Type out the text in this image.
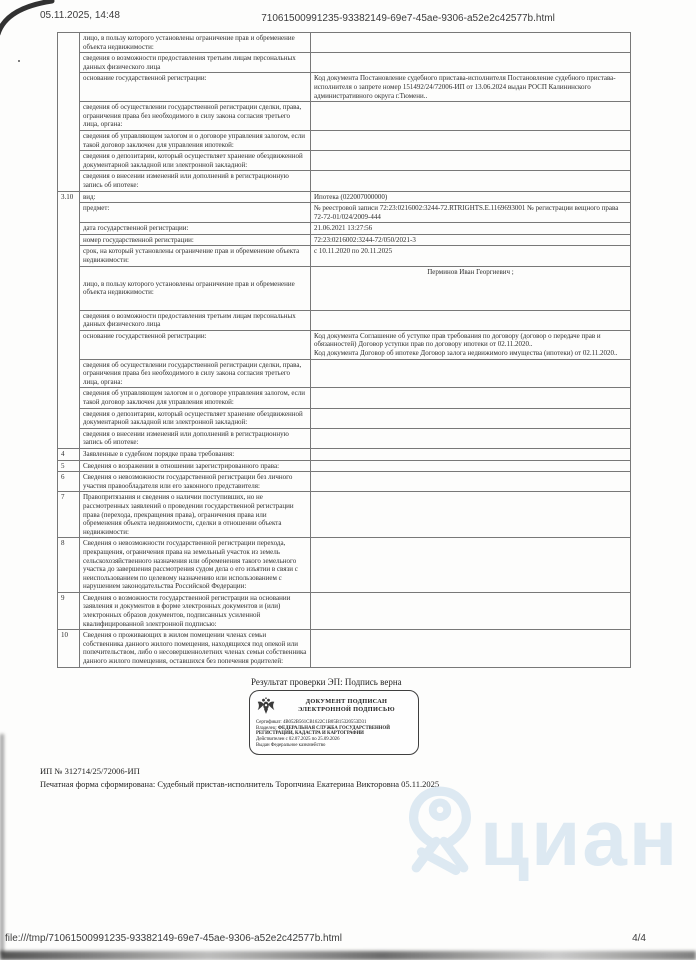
05.11.2025, 14:48	71061500991235-93382149-69e7-45ae-9306-a52e2c42577b.html
	лицо, в пользу которого установлены ограничение прав и обременение объекта недвижимости:	

	сведения о возможности предоставления третьим лицам персональных данных физического лица	

	основание государственной регистрации:	Код документа Постановление судебного пристава-исполнителя Постановление судебного пристава-исполнителя о запрете номер 151492/24/72006-ИП от 13.06.2024 выдан РОСП Калининского административного округа г.Тюмени..

	сведения об осуществлении государственной регистрации сделки, права, ограничения права без необходимого в силу закона согласия третьего лица, органа:	

	сведения об управляющем залогом и о договоре управления залогом, если такой договор заключен для управления ипотекой:	

	сведения о депозитарии, который осуществляет хранение обездвиженной документарной закладной или электронной закладной:	

	сведения о внесении изменений или дополнений в регистрационную запись об ипотеке:	

3.10	вид:	Ипотека (022007000000)

	предмет:	№ реестровой записи 72:23:0216002:3244-72.RTRIGHTS.E.1169693001 № регистрации вещного права 72-72-01/024/2009-444

	дата государственной регистрации:	21.06.2021 13:27:56

	номер государственной регистрации:	72:23:0216002:3244-72/050/2021-3

	срок, на который установлены ограничение прав и обременение объекта недвижимости:	с 10.11.2020 по 20.11.2025

	лицо, в пользу которого установлены ограничение прав и обременение объекта недвижимости:	Перминов Иван Георгиевич ;

	сведения о возможности предоставления третьим лицам персональных данных физического лица	

	основание государственной регистрации:	Код документа Соглашение об уступке прав требования по договору (договор о передаче прав и обязанностей) Договор уступки прав по договору ипотеки от 02.11.2020..
Код документа Договор об ипотеке Договор залога недвижимого имущества (ипотеки) от 02.11.2020..

	сведения об осуществлении государственной регистрации сделки, права, ограничения права без необходимого в силу закона согласия третьего лица, органа:	

	сведения об управляющем залогом и о договоре управления залогом, если такой договор заключен для управления ипотекой:	

	сведения о депозитарии, который осуществляет хранение обездвиженной документарной закладной или электронной закладной:	

	сведения о внесении изменений или дополнений в регистрационную запись об ипотеке:	

4	Заявленные в судебном порядке права требования:	

5	Сведения о возражении в отношении зарегистрированного права:	

6	Сведения о невозможности государственной регистрации без личного участия правообладателя или его законного представителя:	

7	Правопритязания и сведения о наличии поступивших, но не рассмотренных заявлений о проведении государственной регистрации права (перехода, прекращения права), ограничения права или обременения объекта недвижимости, сделки в отношении объекта недвижимости:	

8	Сведения о невозможности государственной регистрации перехода, прекращения, ограничения права на земельный участок из земель сельскохозяйственного назначения или обременения такого земельного участка до завершения рассмотрения судом дела о его изъятии в связи с неиспользованием по целевому назначению или использованием с нарушением законодательства Российской Федерации:	

9	Сведения о возможности государственной регистрации на основании заявления и документов в форме электронных документов и (или) электронных образов документов, подписанных усиленной квалифицированной электронной подписью:	

10	Сведения о проживающих в жилом помещении членах семьи собственника данного жилого помещения, находящихся под опекой или попечительством, либо о несовершеннолетних членах семьи собственника данного жилого помещения, оставшихся без попечения родителей:	
Результат проверки ЭП: Подпись верна
ДОКУМЕНТ ПОДПИСАН
ЭЛЕКТРОННОЙ ПОДПИСЬЮ
Сертификат: 4B052B561CB1622C1B05B15320553D31
Владелец: ФЕДЕРАЛЬНАЯ СЛУЖБА ГОСУДАРСТВЕННОЙ РЕГИСТРАЦИИ, КАДАСТРА И КАРТОГРАФИИ
Действителен с 02.07.2025 по 25.09.2026
Выдан Федеральное казначейство
ИП № 312714/25/72006-ИП
Печатная форма сформирована: Судебный пристав-исполнитель Торопчина Екатерина Викторовна 05.11.2025
циан
file:///tmp/71061500991235-93382149-69e7-45ae-9306-a52e2c42577b.html	4/4
